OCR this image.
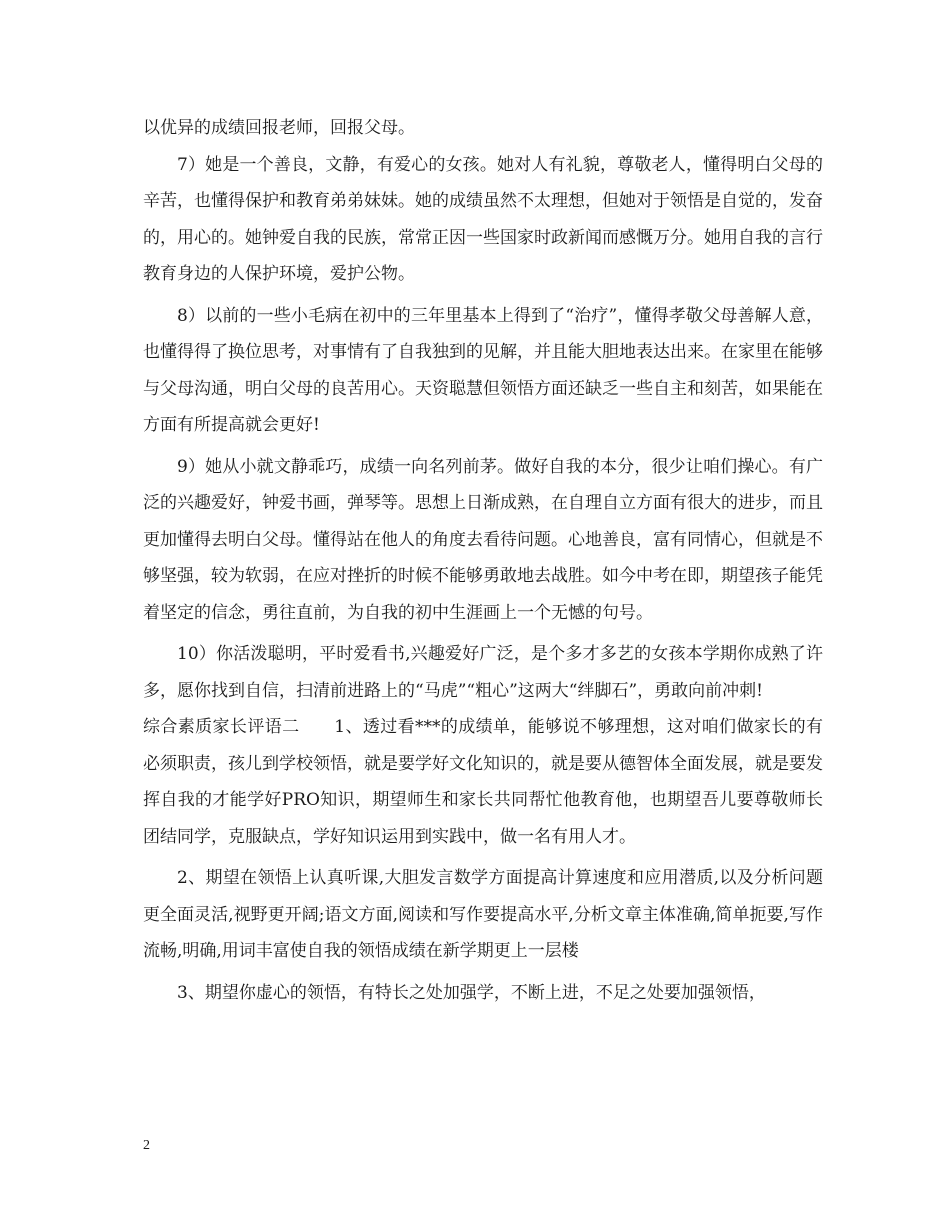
以优异的成绩回报老师，回报父母。

7）她是一个善良，文静，有爱心的女孩。她对人有礼貌，尊敬老人，懂得明白父母的辛苦，也懂得保护和教育弟弟妹妹。她的成绩虽然不太理想，但她对于领悟是自觉的，发奋的，用心的。她钟爱自我的民族，常常正因一些国家时政新闻而感慨万分。她用自我的言行教育身边的人保护环境，爱护公物。

8）以前的一些小毛病在初中的三年里基本上得到了“治疗”，懂得孝敬父母善解人意，也懂得得了换位思考，对事情有了自我独到的见解，并且能大胆地表达出来。在家里在能够与父母沟通，明白父母的良苦用心。天资聪慧但领悟方面还缺乏一些自主和刻苦，如果能在方面有所提高就会更好!

9）她从小就文静乖巧，成绩一向名列前茅。做好自我的本分，很少让咱们操心。有广泛的兴趣爱好，钟爱书画，弹琴等。思想上日渐成熟，在自理自立方面有很大的进步，而且更加懂得去明白父母。懂得站在他人的角度去看待问题。心地善良，富有同情心，但就是不够坚强，较为软弱，在应对挫折的时候不能够勇敢地去战胜。如今中考在即，期望孩子能凭着坚定的信念，勇往直前，为自我的初中生涯画上一个无憾的句号。

10）你活泼聪明，平时爱看书,兴趣爱好广泛，是个多才多艺的女孩本学期你成熟了许多，愿你找到自信，扫清前进路上的“马虎”“粗心”这两大“绊脚石”，勇敢向前冲刺!

综合素质家长评语二　　1、透过看***的成绩单，能够说不够理想，这对咱们做家长的有必须职责，孩儿到学校领悟，就是要学好文化知识的，就是要从德智体全面发展，就是要发挥自我的才能学好PRO知识，期望师生和家长共同帮忙他教育他，也期望吾儿要尊敬师长团结同学，克服缺点，学好知识运用到实践中，做一名有用人才。

2、期望在领悟上认真听课,大胆发言数学方面提高计算速度和应用潜质,以及分析问题更全面灵活,视野更开阔;语文方面,阅读和写作要提高水平,分析文章主体准确,简单扼要,写作流畅,明确,用词丰富使自我的领悟成绩在新学期更上一层楼

3、期望你虚心的领悟，有特长之处加强学，不断上进，不足之处要加强领悟，

2
